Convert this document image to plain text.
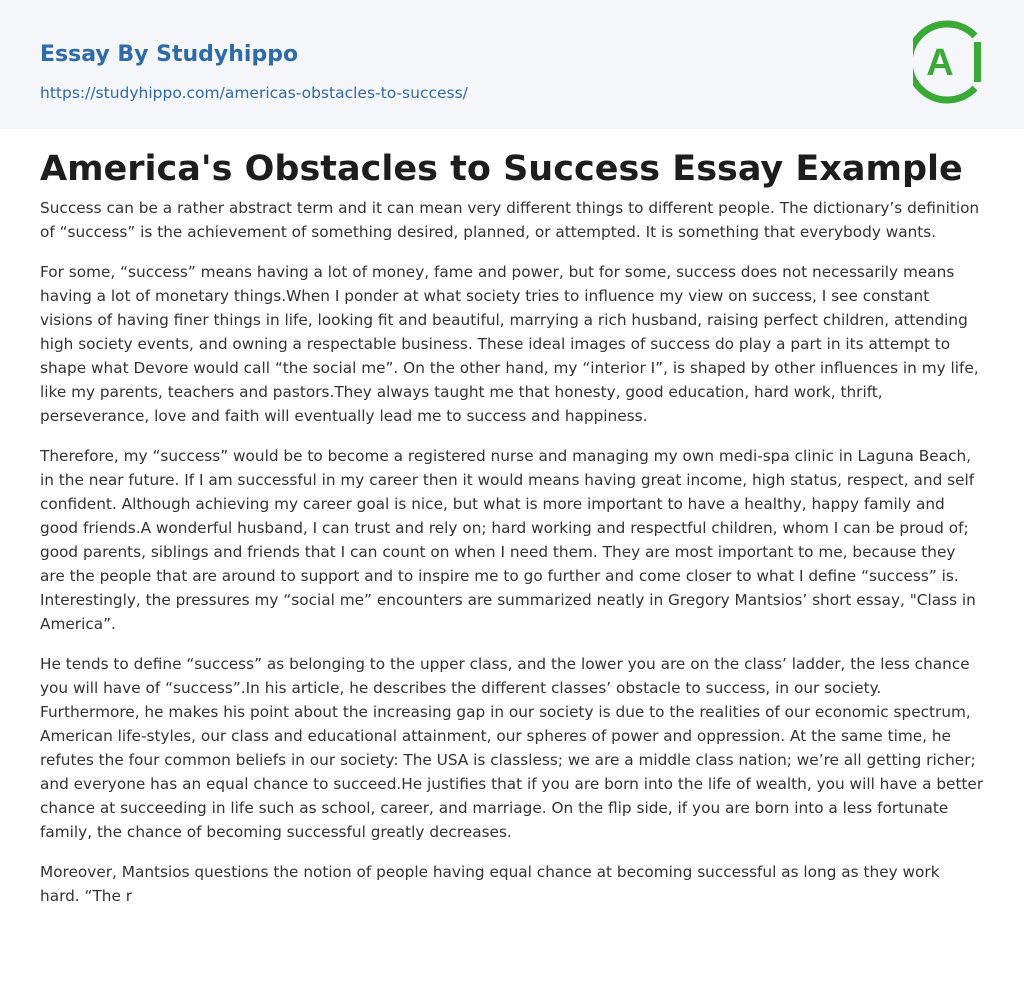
Essay By Studyhippo
https://studyhippo.com/americas-obstacles-to-success/
A
America's Obstacles to Success Essay Example

Success can be a rather abstract term and it can mean very different things to different people. The dictionary’s definition of “success” is the achievement of something desired, planned, or attempted. It is something that everybody wants.

For some, “success” means having a lot of money, fame and power, but for some, success does not necessarily means having a lot of monetary things.When I ponder at what society tries to influence my view on success, I see constant visions of having finer things in life, looking fit and beautiful, marrying a rich husband, raising perfect children, attending high society events, and owning a respectable business. These ideal images of success do play a part in its attempt to shape what Devore would call “the social me”. On the other hand, my “interior I”, is shaped by other influences in my life, like my parents, teachers and pastors.They always taught me that honesty, good education, hard work, thrift, perseverance, love and faith will eventually lead me to success and happiness.

Therefore, my “success” would be to become a registered nurse and managing my own medi-spa clinic in Laguna Beach, in the near future. If I am successful in my career then it would means having great income, high status, respect, and self confident. Although achieving my career goal is nice, but what is more important to have a healthy, happy family and good friends.A wonderful husband, I can trust and rely on; hard working and respectful children, whom I can be proud of; good parents, siblings and friends that I can count on when I need them. They are most important to me, because they are the people that are around to support and to inspire me to go further and come closer to what I define “success” is. Interestingly, the pressures my “social me” encounters are summarized neatly in Gregory Mantsios’ short essay, "Class in America”.

He tends to define “success” as belonging to the upper class, and the lower you are on the class’ ladder, the less chance you will have of “success”.In his article, he describes the different classes’ obstacle to success, in our society. Furthermore, he makes his point about the increasing gap in our society is due to the realities of our economic spectrum, American life-styles, our class and educational attainment, our spheres of power and oppression. At the same time, he refutes the four common beliefs in our society: The USA is classless; we are a middle class nation; we’re all getting richer; and everyone has an equal chance to succeed.He justifies that if you are born into the life of wealth, you will have a better chance at succeeding in life such as school, career, and marriage. On the flip side, if you are born into a less fortunate family, the chance of becoming successful greatly decreases.

Moreover, Mantsios questions the notion of people having equal chance at becoming successful as long as they work hard. “The r
